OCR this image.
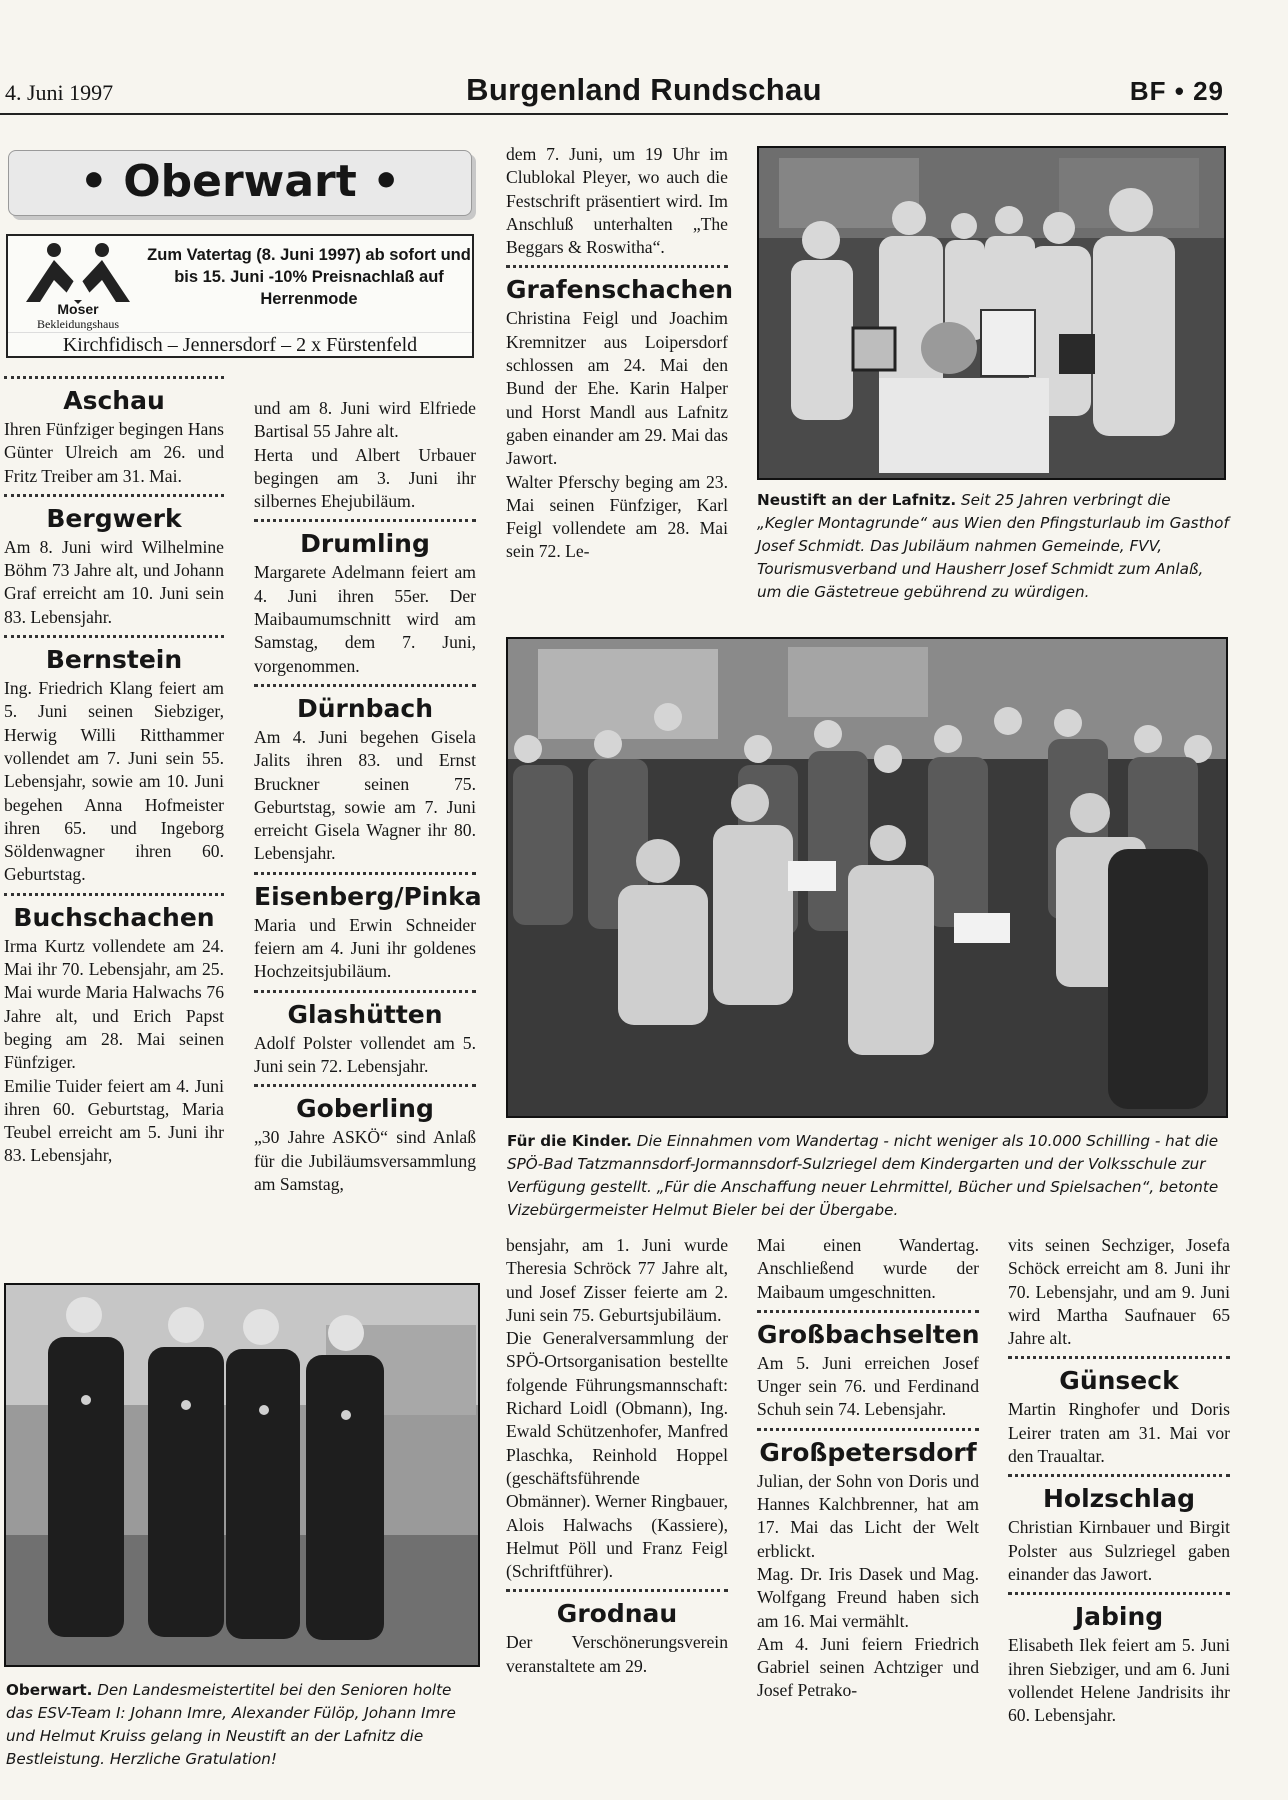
4. Juni 1997	Burgenland Rundschau	BF • 29
• Oberwart •
Moser
Bekleidungshaus
Zum Vatertag (8. Juni 1997) ab sofort und bis 15. Juni -10% Preisnachlaß auf Herrenmode
Kirchfidisch – Jennersdorf – 2 x Fürstenfeld
Aschau

Ihren Fünfziger begingen Hans Günter Ulreich am 26. und Fritz Treiber am 31. Mai.

Bergwerk

Am 8. Juni wird Wilhelmine Böhm 73 Jahre alt, und Johann Graf erreicht am 10. Juni sein 83. Lebensjahr.

Bernstein

Ing. Friedrich Klang feiert am 5. Juni seinen Siebziger, Herwig Willi Ritthammer vollendet am 7. Juni sein 55. Lebensjahr, sowie am 10. Juni begehen Anna Hofmeister ihren 65. und Ingeborg Söldenwagner ihren 60. Geburtstag.

Buchschachen

Irma Kurtz vollendete am 24. Mai ihr 70. Lebensjahr, am 25. Mai wurde Maria Halwachs 76 Jahre alt, und Erich Papst beging am 28. Mai seinen Fünfziger.

Emilie Tuider feiert am 4. Juni ihren 60. Geburtstag, Maria Teubel erreicht am 5. Juni ihr 83. Lebensjahr,

und am 8. Juni wird Elfriede Bartisal 55 Jahre alt.

Herta und Albert Urbauer begingen am 3. Juni ihr silbernes Ehejubiläum.

Drumling

Margarete Adelmann feiert am 4. Juni ihren 55er. Der Maibaumumschnitt wird am Samstag, dem 7. Juni, vorgenommen.

Dürnbach

Am 4. Juni begehen Gisela Jalits ihren 83. und Ernst Bruckner seinen 75. Geburtstag, sowie am 7. Juni erreicht Gisela Wagner ihr 80. Lebensjahr.

Eisenberg/Pinka

Maria und Erwin Schneider feiern am 4. Juni ihr goldenes Hochzeitsjubiläum.

Glashütten

Adolf Polster vollendet am 5. Juni sein 72. Lebensjahr.

Goberling

„30 Jahre ASKÖ“ sind Anlaß für die Jubiläumsversammlung am Samstag,

dem 7. Juni, um 19 Uhr im Clublokal Pleyer, wo auch die Festschrift präsentiert wird. Im Anschluß unterhalten „The Beggars & Roswitha“.

Grafenschachen

Christina Feigl und Joachim Kremnitzer aus Loipersdorf schlossen am 24. Mai den Bund der Ehe. Karin Halper und Horst Mandl aus Lafnitz gaben einander am 29. Mai das Jawort.

Walter Pferschy beging am 23. Mai seinen Fünfziger, Karl Feigl vollendete am 28. Mai sein 72. Le-

Neustift an der Lafnitz. Seit 25 Jahren verbringt die „Kegler Montagrunde“ aus Wien den Pfingsturlaub im Gasthof Josef Schmidt. Das Jubiläum nahmen Gemeinde, FVV, Tourismusverband und Hausherr Josef Schmidt zum Anlaß, um die Gästetreue gebührend zu würdigen.
Für die Kinder. Die Einnahmen vom Wandertag - nicht weniger als 10.000 Schilling - hat die SPÖ-Bad Tatzmannsdorf-Jormannsdorf-Sulzriegel dem Kindergarten und der Volksschule zur Verfügung gestellt. „Für die Anschaffung neuer Lehrmittel, Bücher und Spielsachen“, betonte Vizebürgermeister Helmut Bieler bei der Übergabe.
Oberwart. Den Landesmeistertitel bei den Senioren holte das ESV-Team I: Johann Imre, Alexander Fülöp, Johann Imre und Helmut Kruiss gelang in Neustift an der Lafnitz die Bestleistung. Herzliche Gratulation!

bensjahr, am 1. Juni wurde Theresia Schröck 77 Jahre alt, und Josef Zisser feierte am 2. Juni sein 75. Geburtsjubiläum.

Die Generalversammlung der SPÖ-Ortsorganisation bestellte folgende Führungsmannschaft: Richard Loidl (Obmann), Ing. Ewald Schützenhofer, Manfred Plaschka, Reinhold Hoppel (geschäftsführende Obmänner). Werner Ringbauer, Alois Halwachs (Kassiere), Helmut Pöll und Franz Feigl (Schriftführer).

Grodnau

Der Verschönerungsverein veranstaltete am 29.

Mai einen Wandertag. Anschließend wurde der Maibaum umgeschnitten.

Großbachselten

Am 5. Juni erreichen Josef Unger sein 76. und Ferdinand Schuh sein 74. Lebensjahr.

Großpetersdorf

Julian, der Sohn von Doris und Hannes Kalchbrenner, hat am 17. Mai das Licht der Welt erblickt.

Mag. Dr. Iris Dasek und Mag. Wolfgang Freund haben sich am 16. Mai vermählt.

Am 4. Juni feiern Friedrich Gabriel seinen Achtziger und Josef Petrako-

vits seinen Sechziger, Josefa Schöck erreicht am 8. Juni ihr 70. Lebensjahr, und am 9. Juni wird Martha Saufnauer 65 Jahre alt.

Günseck

Martin Ringhofer und Doris Leirer traten am 31. Mai vor den Traualtar.

Holzschlag

Christian Kirnbauer und Birgit Polster aus Sulzriegel gaben einander das Jawort.

Jabing

Elisabeth Ilek feiert am 5. Juni ihren Siebziger, und am 6. Juni vollendet Helene Jandrisits ihr 60. Lebensjahr.
